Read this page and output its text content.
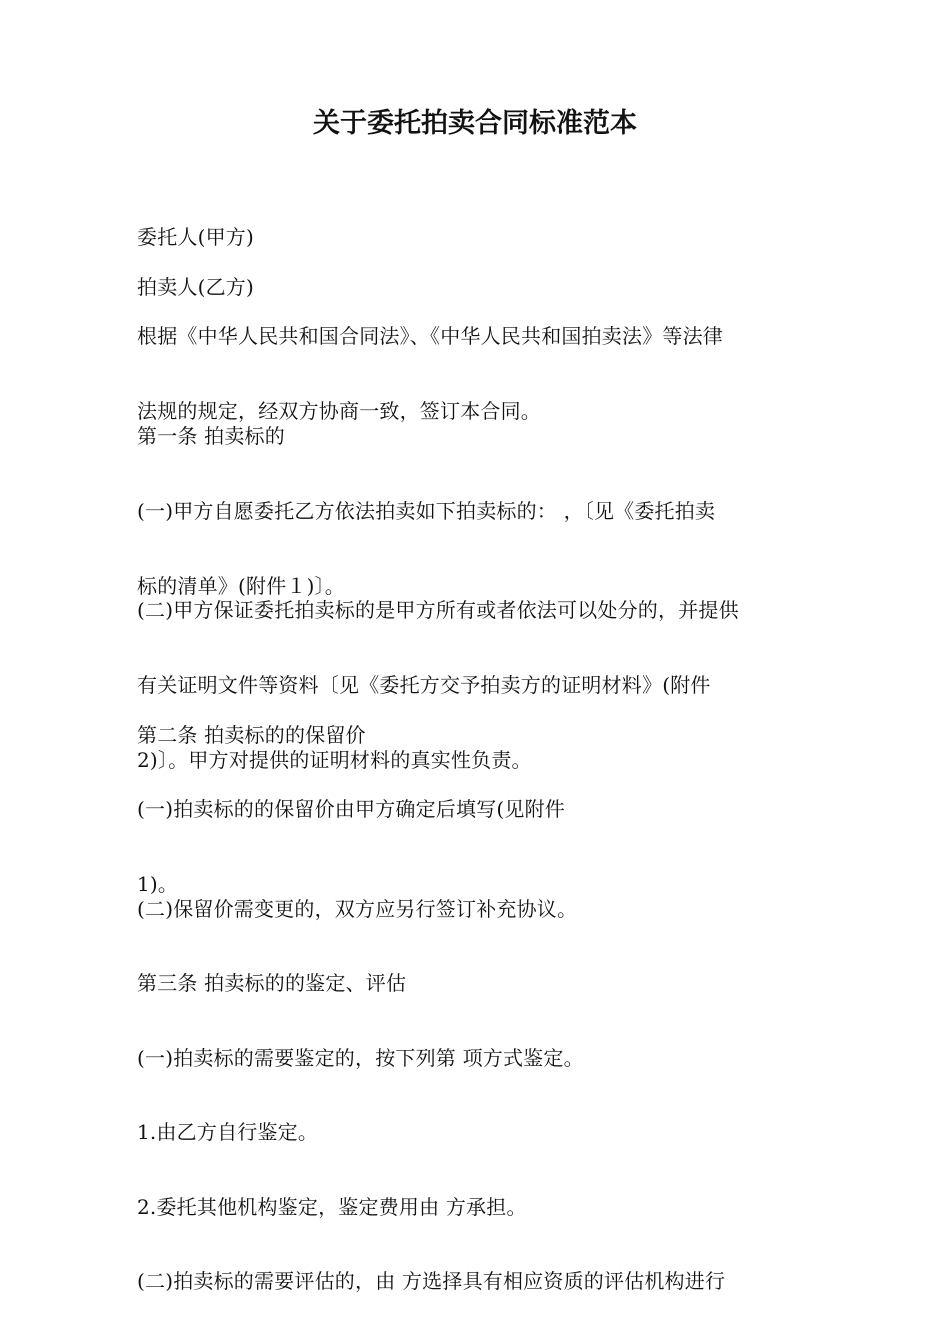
关于委托拍卖合同标准范本

委托人(甲方)

拍卖人(乙方)

根据《中华人民共和国合同法》、《中华人民共和国拍卖法》等法律

法规的规定，经双方协商一致，签订本合同。

第一条 拍卖标的

(一)甲方自愿委托乙方依法拍卖如下拍卖标的： ，〔见《委托拍卖

标的清单》(附件１)〕。

(二)甲方保证委托拍卖标的是甲方所有或者依法可以处分的，并提供

有关证明文件等资料〔见《委托方交予拍卖方的证明材料》(附件

2)〕。甲方对提供的证明材料的真实性负责。

第二条 拍卖标的的保留价

(一)拍卖标的的保留价由甲方确定后填写(见附件

1)。

(二)保留价需变更的，双方应另行签订补充协议。

第三条 拍卖标的的鉴定、评估

(一)拍卖标的需要鉴定的，按下列第 项方式鉴定。

1.由乙方自行鉴定。

2.委托其他机构鉴定，鉴定费用由 方承担。

(二)拍卖标的需要评估的，由 方选择具有相应资质的评估机构进行
